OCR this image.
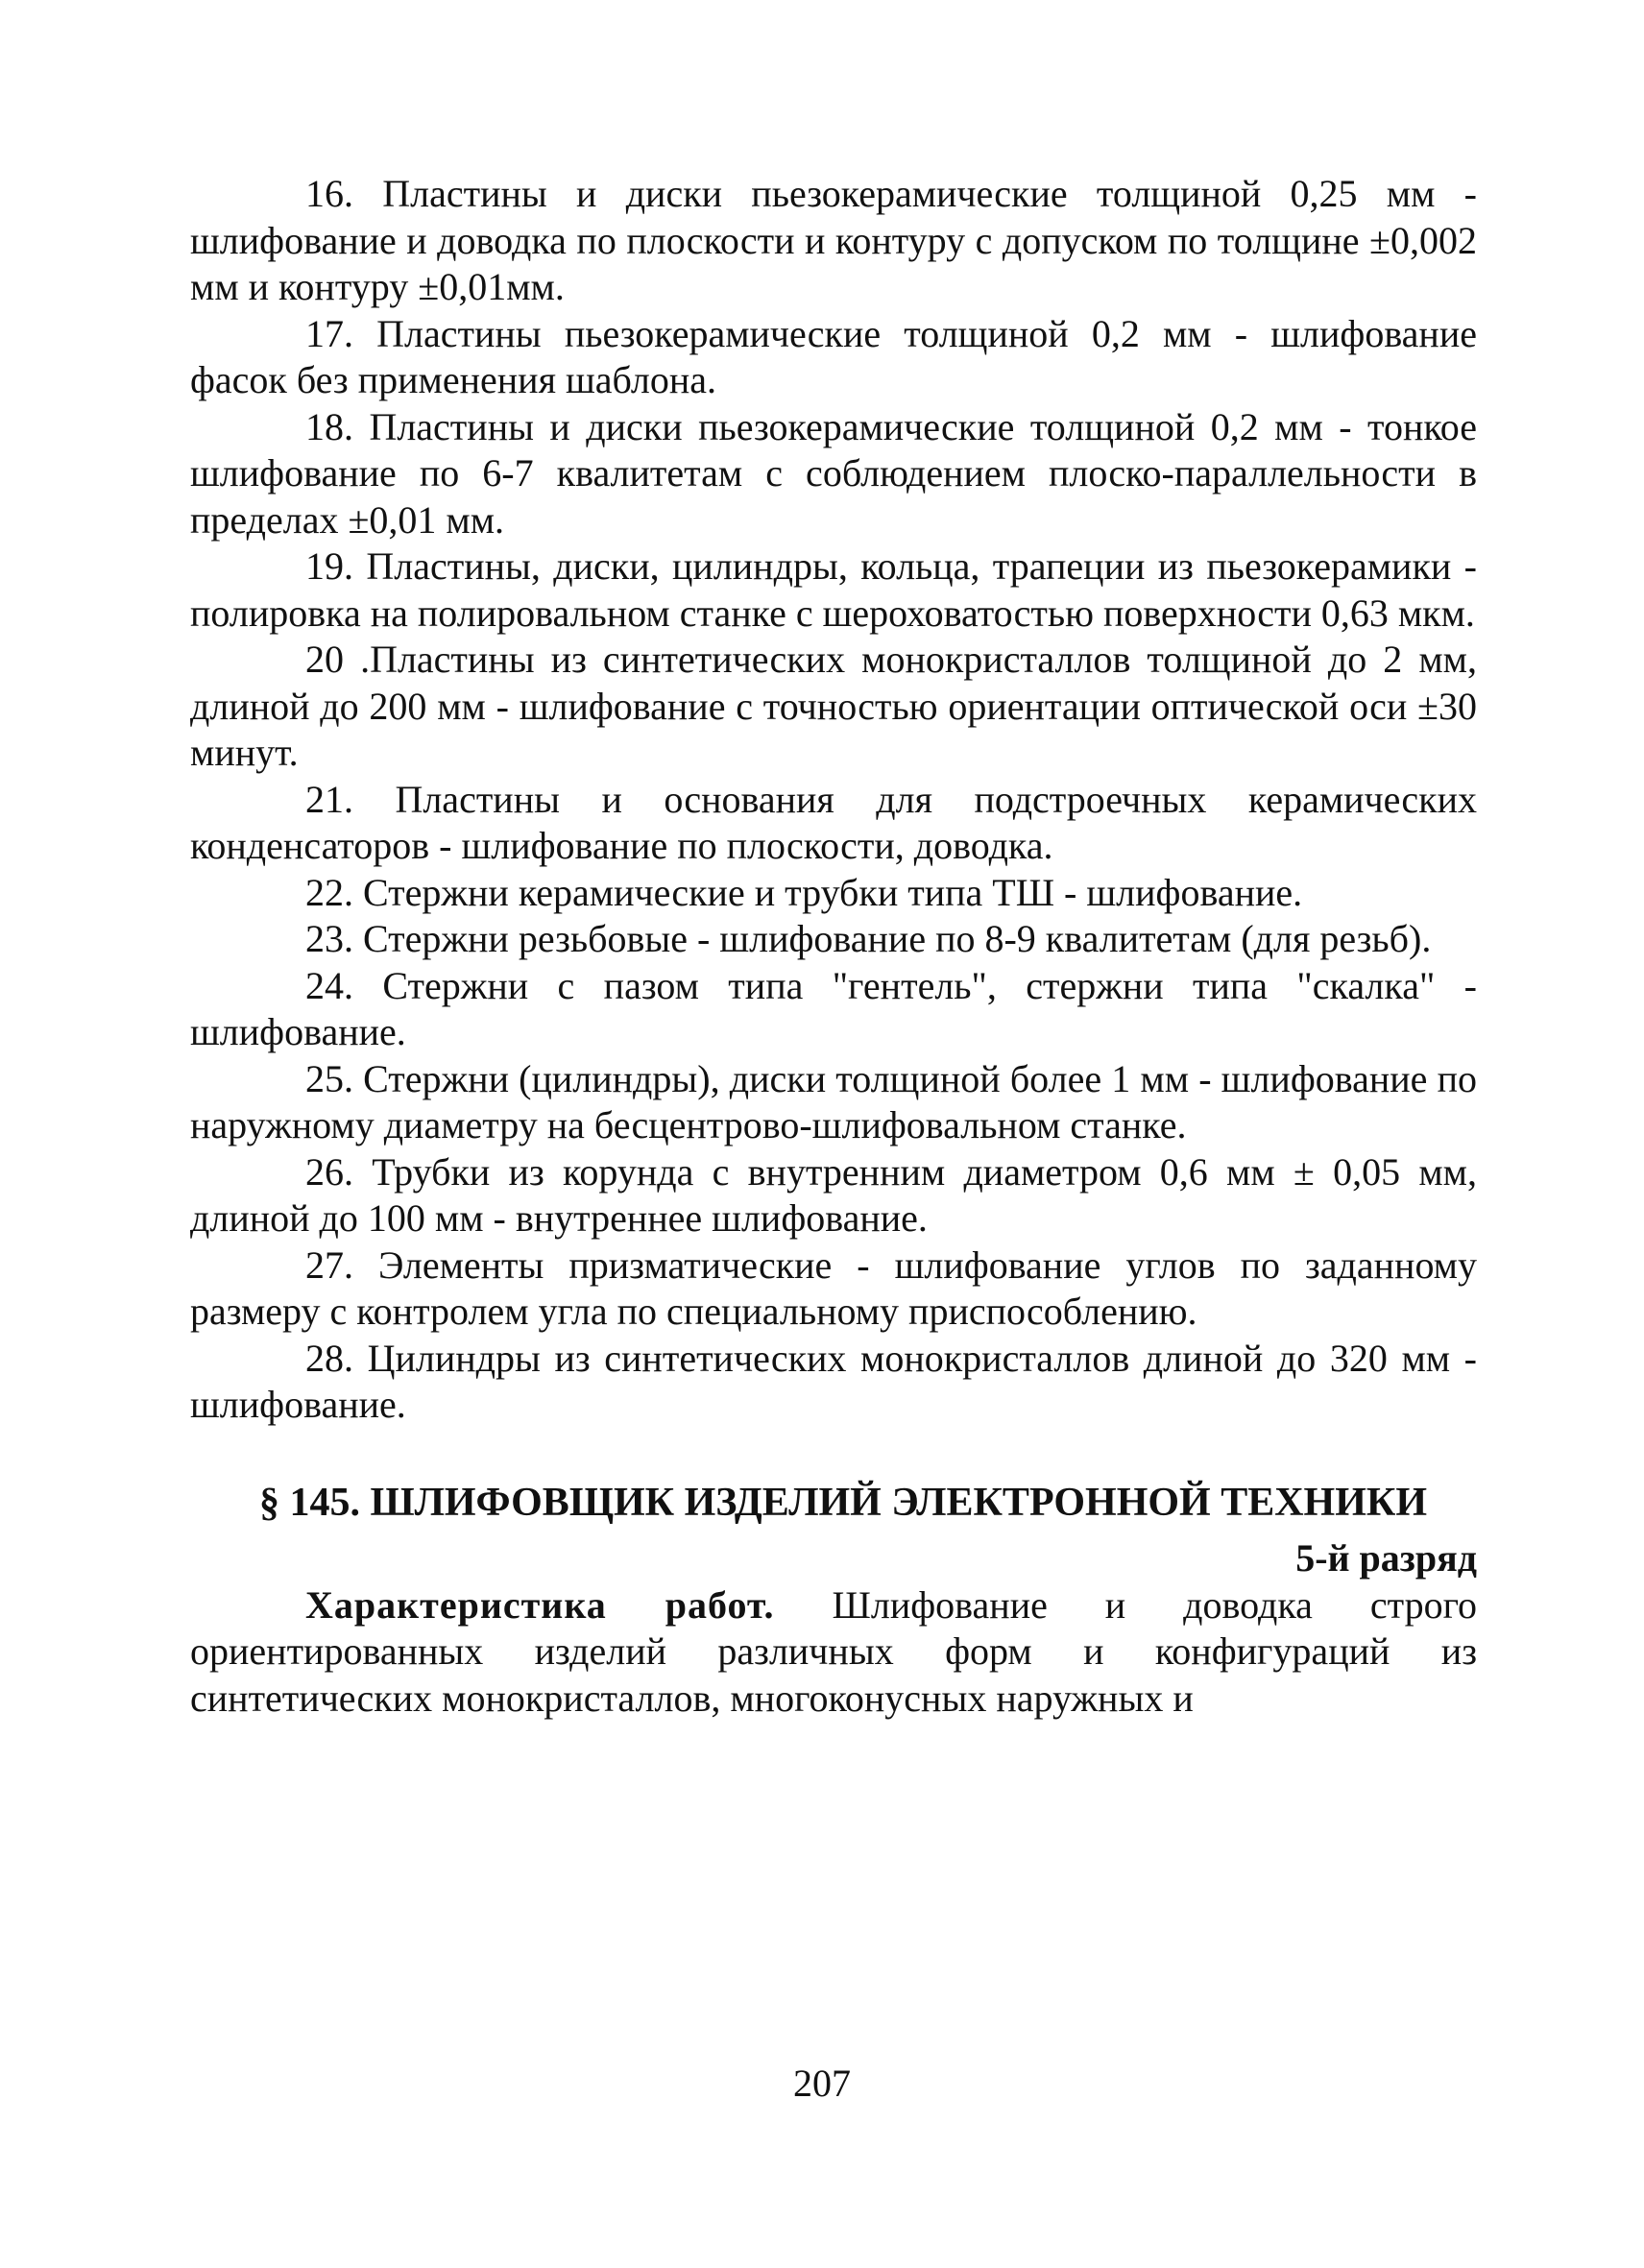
16. Пластины и диски пьезокерамические толщиной 0,25 мм - шлифование и доводка по плоскости и контуру с допуском по толщине ±0,002 мм и контуру ±0,01мм.

17. Пластины пьезокерамические толщиной 0,2 мм - шлифование фасок без применения шаблона.

18. Пластины и диски пьезокерамические толщиной 0,2 мм - тонкое шлифование по 6-7 квалитетам с соблюдением плоско-параллельности в пределах ±0,01 мм.

19. Пластины, диски, цилиндры, кольца, трапеции из пьезокерамики - полировка на полировальном станке с шероховатостью поверхности 0,63 мкм.

20 .Пластины из синтетических монокристаллов толщиной до 2 мм, длиной до 200 мм - шлифование с точностью ориентации оптической оси ±30 минут.

21. Пластины и основания для подстроечных керамических конденсаторов - шлифование по плоскости, доводка.

22. Стержни керамические и трубки типа ТШ - шлифование.

23. Стержни резьбовые - шлифование по 8-9 квалитетам (для резьб).

24. Стержни с пазом типа "гентель", стержни типа "скалка" - шлифование.

25. Стержни (цилиндры), диски толщиной более 1 мм - шлифование по наружному диаметру на бесцентрово-шлифовальном станке.

26. Трубки из корунда с внутренним диаметром 0,6 мм ± 0,05 мм, длиной до 100 мм - внутреннее шлифование.

27. Элементы призматические - шлифование углов по заданному размеру с контролем угла по специальному приспособлению.

28. Цилиндры из синтетических монокристаллов длиной до 320 мм - шлифование.

§ 145. ШЛИФОВЩИК ИЗДЕЛИЙ ЭЛЕКТРОННОЙ ТЕХНИКИ
5-й разряд

Характеристика работ. Шлифование и доводка строго ориентированных изделий различных форм и конфигураций из синтетических монокристаллов, многоконусных наружных и

207
